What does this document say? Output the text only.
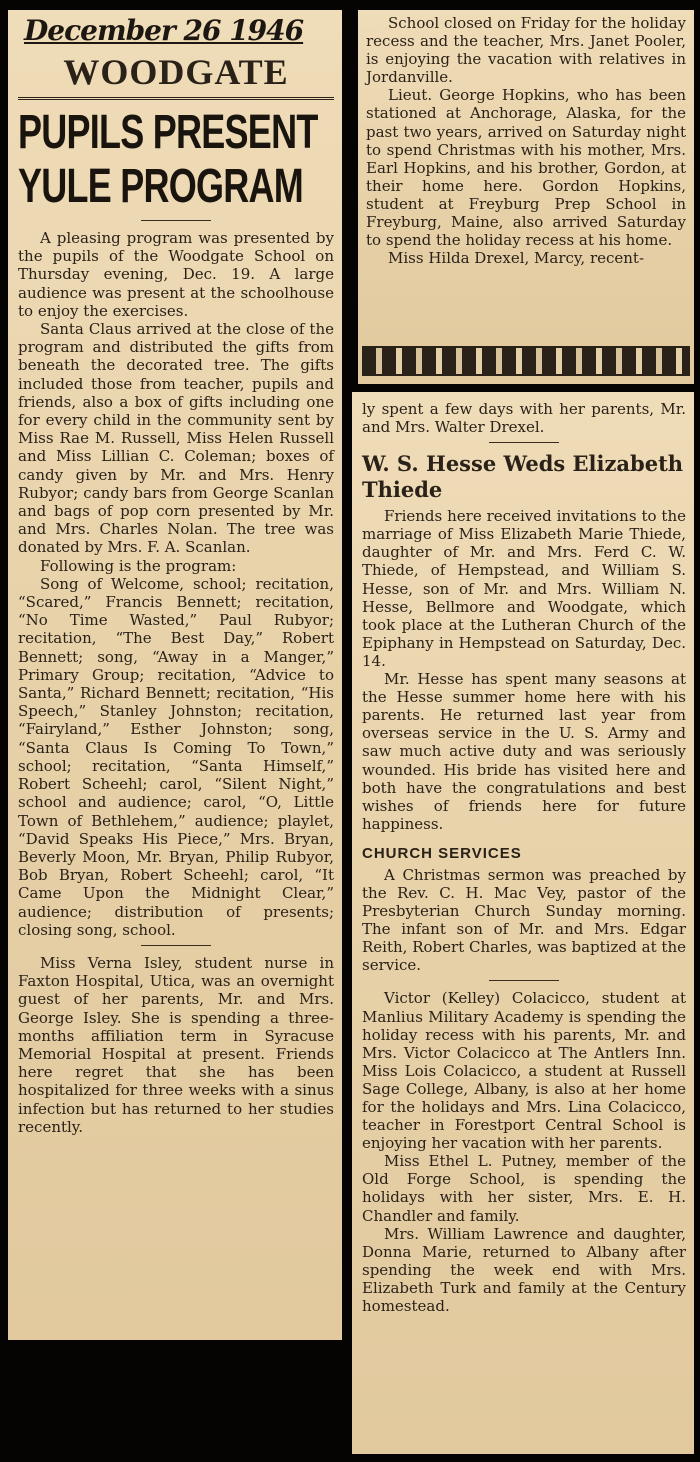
December 26 1946
WOODGATE
PUPILS PRESENT
YULE PROGRAM

A pleasing program was presented by the pupils of the Woodgate School on Thursday evening, Dec. 19. A large audience was present at the schoolhouse to enjoy the exercises.

Santa Claus arrived at the close of the program and distributed the gifts from beneath the decorated tree. The gifts included those from teacher, pupils and friends, also a box of gifts including one for every child in the community sent by Miss Rae M. Russell, Miss Helen Russell and Miss Lillian C. Coleman; boxes of candy given by Mr. and Mrs. Henry Rubyor; candy bars from George Scanlan and bags of pop corn presented by Mr. and Mrs. Charles Nolan. The tree was donated by Mrs. F. A. Scanlan.

Following is the program:

Song of Welcome, school; recitation, “Scared,” Francis Bennett; recitation, “No Time Wasted,” Paul Rubyor; recitation, “The Best Day,” Robert Bennett; song, “Away in a Manger,” Primary Group; recitation, “Advice to Santa,” Richard Bennett; recitation, “His Speech,” Stanley Johnston; recitation, “Fairyland,” Esther Johnston; song, “Santa Claus Is Coming To Town,” school; recitation, “Santa Himself,” Robert Scheehl; carol, “Silent Night,” school and audience; carol, “O, Little Town of Bethlehem,” audience; playlet, “David Speaks His Piece,” Mrs. Bryan, Beverly Moon, Mr. Bryan, Philip Rubyor, Bob Bryan, Robert Scheehl; carol, “It Came Upon the Midnight Clear,” audience; distribution of presents; closing song, school.

Miss Verna Isley, student nurse in Faxton Hospital, Utica, was an overnight guest of her parents, Mr. and Mrs. George Isley. She is spending a three-months affiliation term in Syracuse Memorial Hospital at present. Friends here regret that she has been hospitalized for three weeks with a sinus infection but has returned to her studies recently.

School closed on Friday for the holiday recess and the teacher, Mrs. Janet Pooler, is enjoying the vacation with relatives in Jordanville.

Lieut. George Hopkins, who has been stationed at Anchorage, Alaska, for the past two years, arrived on Saturday night to spend Christmas with his mother, Mrs. Earl Hopkins, and his brother, Gordon, at their home here. Gordon Hopkins, student at Freyburg Prep School in Freyburg, Maine, also arrived Saturday to spend the holiday recess at his home.

Miss Hilda Drexel, Marcy, recent-

ly spent a few days with her parents, Mr. and Mrs. Walter Drexel.

W. S. Hesse Weds Elizabeth Thiede

Friends here received invitations to the marriage of Miss Elizabeth Marie Thiede, daughter of Mr. and Mrs. Ferd C. W. Thiede, of Hempstead, and William S. Hesse, son of Mr. and Mrs. William N. Hesse, Bellmore and Woodgate, which took place at the Lutheran Church of the Epiphany in Hempstead on Saturday, Dec. 14.

Mr. Hesse has spent many seasons at the Hesse summer home here with his parents. He returned last year from overseas service in the U. S. Army and saw much active duty and was seriously wounded. His bride has visited here and both have the congratulations and best wishes of friends here for future happiness.

CHURCH SERVICES

A Christmas sermon was preached by the Rev. C. H. Mac Vey, pastor of the Presbyterian Church Sunday morning. The infant son of Mr. and Mrs. Edgar Reith, Robert Charles, was baptized at the service.

Victor (Kelley) Colacicco, student at Manlius Military Academy is spending the holiday recess with his parents, Mr. and Mrs. Victor Colacicco at The Antlers Inn. Miss Lois Colacicco, a student at Russell Sage College, Albany, is also at her home for the holidays and Mrs. Lina Colacicco, teacher in Forestport Central School is enjoying her vacation with her parents.

Miss Ethel L. Putney, member of the Old Forge School, is spending the holidays with her sister, Mrs. E. H. Chandler and family.

Mrs. William Lawrence and daughter, Donna Marie, returned to Albany after spending the week end with Mrs. Elizabeth Turk and family at the Century homestead.
